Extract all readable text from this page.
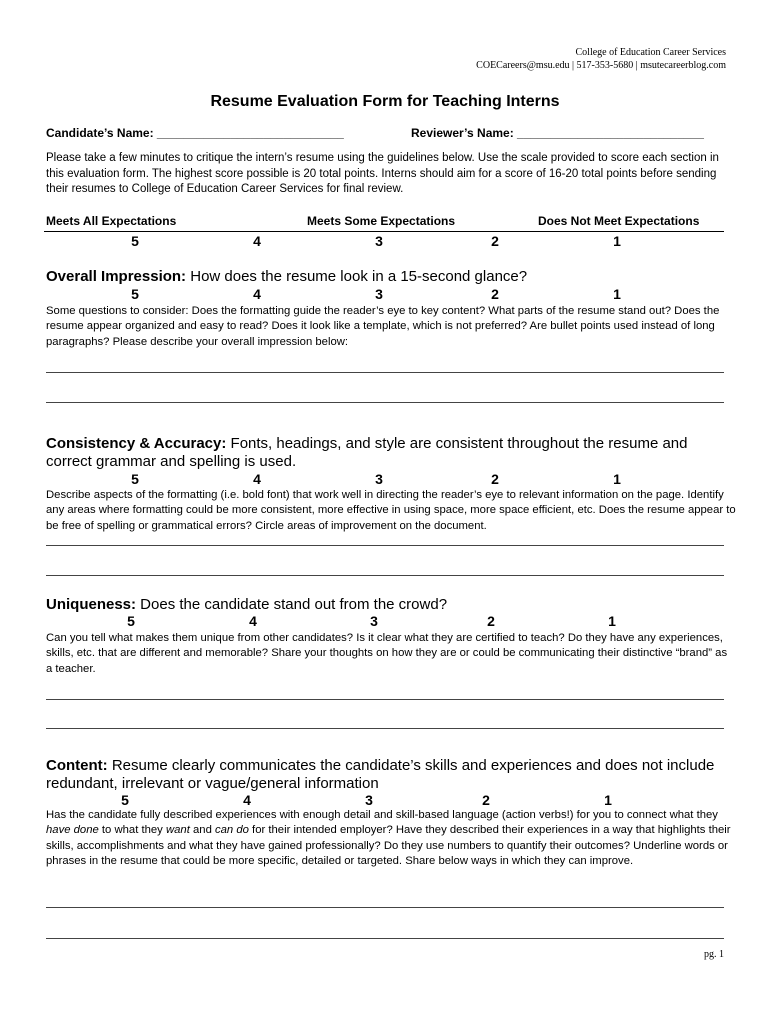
College of Education Career Services
COECareers@msu.edu | 517-353-5680 | msutecareerblog.com
Resume Evaluation Form for Teaching Interns
Candidate’s Name: ____________________________	Reviewer’s Name: ____________________________
Please take a few minutes to critique the intern’s resume using the guidelines below. Use the scale provided to score each section in this evaluation form. The highest score possible is 20 total points. Interns should aim for a score of 16-20 total points before sending their resumes to College of Education Career Services for final review.
Meets All Expectations	Meets Some Expectations	Does Not Meet Expectations
5	4	3	2	1
Overall Impression: How does the resume look in a 15-second glance?
5	4	3	2	1
Some questions to consider: Does the formatting guide the reader’s eye to key content? What parts of the resume stand out? Does the resume appear organized and easy to read? Does it look like a template, which is not preferred? Are bullet points used instead of long paragraphs? Please describe your overall impression below:
Consistency & Accuracy: Fonts, headings, and style are consistent throughout the resume and correct grammar and spelling is used.
5	4	3	2	1
Describe aspects of the formatting (i.e. bold font) that work well in directing the reader’s eye to relevant information on the page. Identify any areas where formatting could be more consistent, more effective in using space, more space efficient, etc. Does the resume appear to be free of spelling or grammatical errors? Circle areas of improvement on the document.
Uniqueness: Does the candidate stand out from the crowd?
5	4	3	2	1
Can you tell what makes them unique from other candidates? Is it clear what they are certified to teach? Do they have any experiences, skills, etc. that are different and memorable? Share your thoughts on how they are or could be communicating their distinctive “brand” as a teacher.
Content: Resume clearly communicates the candidate’s skills and experiences and does not include redundant, irrelevant or vague/general information
5	4	3	2	1
Has the candidate fully described experiences with enough detail and skill-based language (action verbs!) for you to connect what they have done to what they want and can do for their intended employer? Have they described their experiences in a way that highlights their skills, accomplishments and what they have gained professionally? Do they use numbers to quantify their outcomes? Underline words or phrases in the resume that could be more specific, detailed or targeted. Share below ways in which they can improve.
pg. 1
